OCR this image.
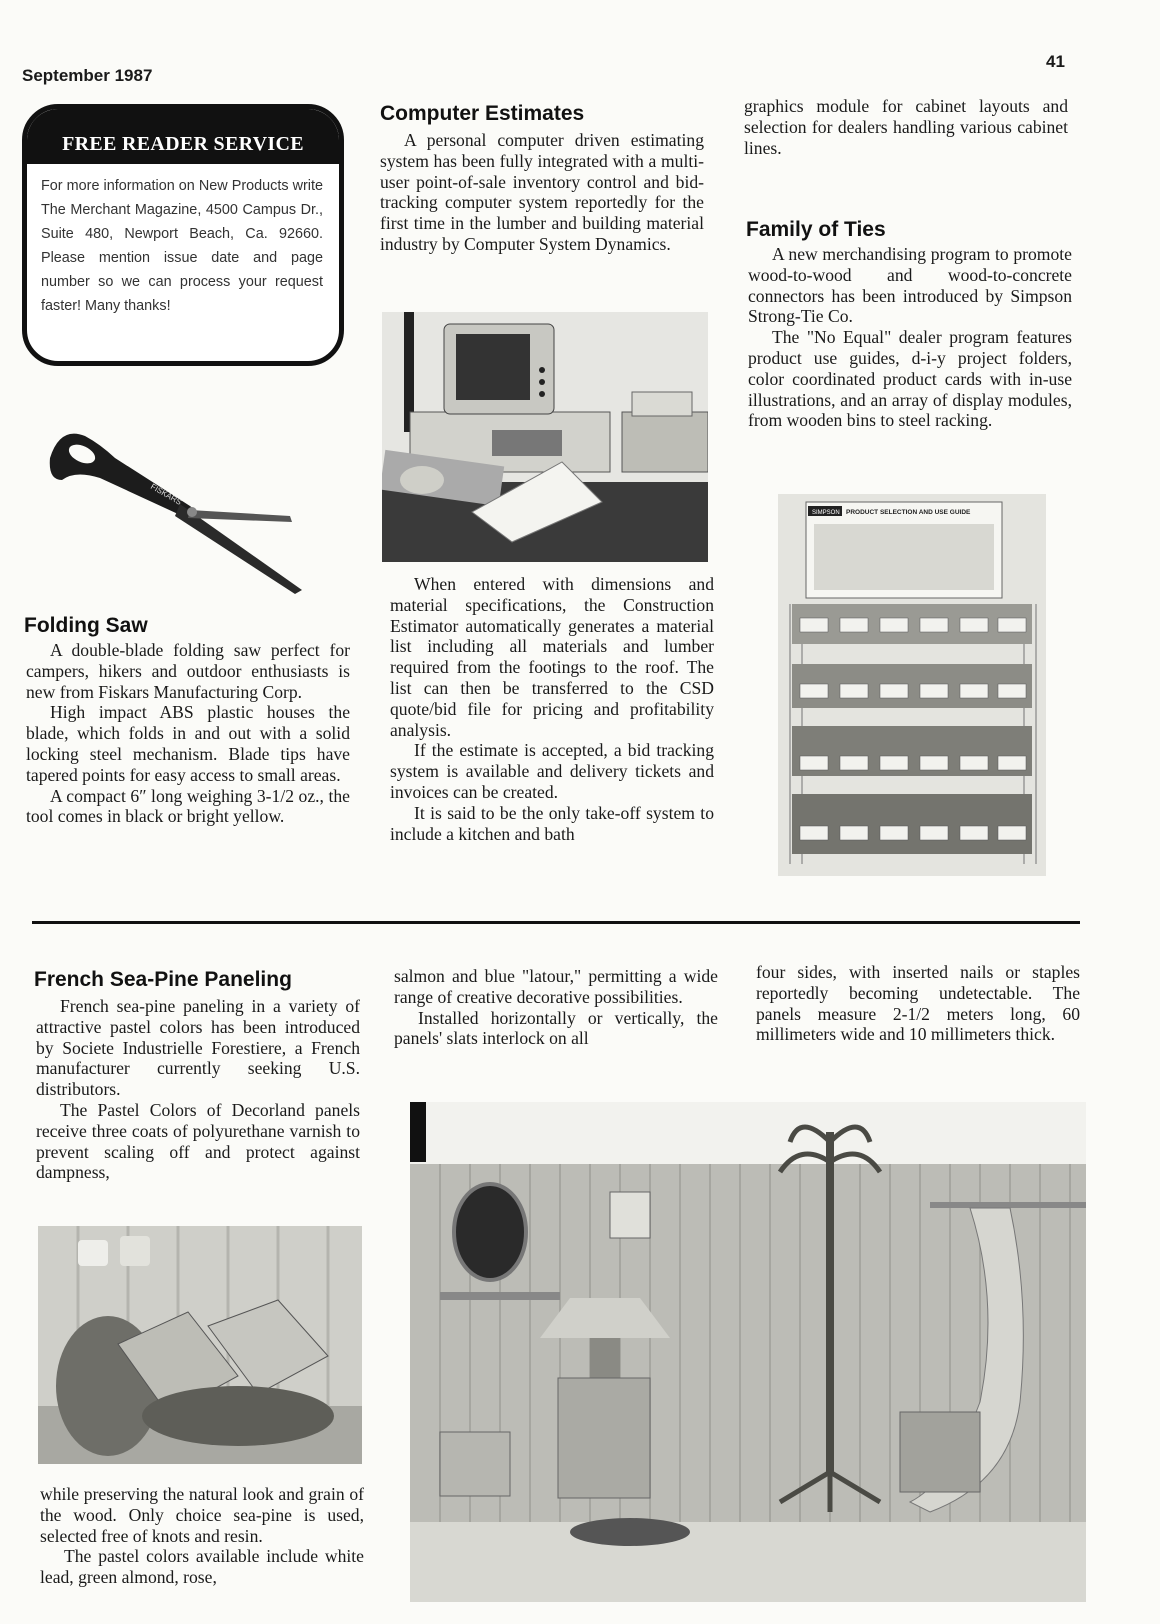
September 1987
41
FREE READER SERVICE
For more information on New Products write The Merchant Magazine, 4500 Campus Dr., Suite 480, Newport Beach, Ca. 92660. Please mention issue date and page number so we can process your request faster! Many thanks!
FISKARS
Folding Saw

A double-blade folding saw perfect for campers, hikers and outdoor enthusiasts is new from Fiskars Manufacturing Corp.

High impact ABS plastic houses the blade, which folds in and out with a solid locking steel mechanism. Blade tips have tapered points for easy access to small areas.

A compact 6″ long weighing 3-1/2 oz., the tool comes in black or bright yellow.

Computer Estimates

A personal computer driven estimating system has been fully integrated with a multi-user point-of-sale inventory control and bid-tracking computer system reportedly for the first time in the lumber and building material industry by Computer System Dynamics.

When entered with dimensions and material specifications, the Construction Estimator automatically generates a material list including all materials and lumber required from the footings to the roof. The list can then be transferred to the CSD quote/bid file for pricing and profitability analysis.

If the estimate is accepted, a bid tracking system is available and delivery tickets and invoices can be created.

It is said to be the only take-off system to include a kitchen and bath

graphics module for cabinet layouts and selection for dealers handling various cabinet lines.

Family of Ties

A new merchandising program to promote wood-to-wood and wood-to-concrete connectors has been introduced by Simpson Strong-Tie Co.

The "No Equal" dealer program features product use guides, d-i-y project folders, color coordinated product cards with in-use illustrations, and an array of display modules, from wooden bins to steel racking.

SIMPSON PRODUCT SELECTION AND USE GUIDE
French Sea-Pine Paneling

French sea-pine paneling in a variety of attractive pastel colors has been introduced by Societe Industrielle Forestiere, a French manufacturer currently seeking U.S. distributors.

The Pastel Colors of Decorland panels receive three coats of polyurethane varnish to prevent scaling off and protect against dampness,

while preserving the natural look and grain of the wood. Only choice sea-pine is used, selected free of knots and resin.

The pastel colors available include white lead, green almond, rose,

salmon and blue "latour," permitting a wide range of creative decorative possibilities.

Installed horizontally or vertically, the panels' slats interlock on all

four sides, with inserted nails or staples reportedly becoming undetectable. The panels measure 2-1/2 meters long, 60 millimeters wide and 10 millimeters thick.
